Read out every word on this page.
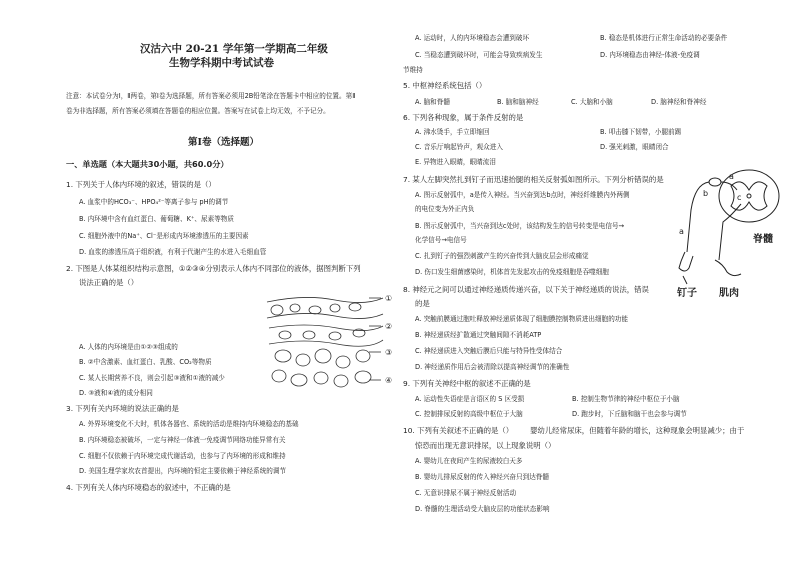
汉沽六中 20-21 学年第一学期高二年级
生物学科期中考试试卷
注意：本试卷分为Ⅰ，Ⅱ两卷，第Ⅰ卷为选择题，所有答案必须用2B铅笔涂在答题卡中相应的位置。第Ⅱ
卷为非选择题，所有答案必须填在答题卷的相应位置。答案写在试卷上均无效，不予记分。
第Ⅰ卷（选择题）
一、单选题（本大题共30小题，共60.0分）
1. 下列关于人体内环境的叙述，错误的是（）
A. 血浆中的HCO₃⁻、HPO₄²⁻等离子参与 pH的调节
B. 内环境中含有血红蛋白、葡萄糖、K⁺、尿素等物质
C. 细胞外液中的Na⁺、Cl⁻是形成内环境渗透压的主要因素
D. 血浆的渗透压高于组织液，有利于代谢产生的水进入毛细血管
2. 下图是人体某组织结构示意图，①②③④分别表示人体内不同部位的液体，据图判断下列
说法正确的是（）
①
②
③
④
A. 人体的内环境是由①②③组成的
B. ②中含激素、血红蛋白、乳酸、CO₂等物质
C. 某人长期营养不良，则会引起③液和①液的减少
D. ③液和④液的成分相同
3. 下列有关内环境的说法正确的是
A. 外界环境变化不大时，机体各器官、系统的活动是维持内环境稳态的基础
B. 内环境稳态被破坏，一定与神经一体液一免疫调节网络功能异常有关
C. 细胞不仅依赖于内环境完成代谢活动，也参与了内环境的形成和维持
D. 美国生理学家坎农首提出，内环境的恒定主要依赖于神经系统的调节
4. 下列有关人体内环境稳态的叙述中，不正确的是
A. 运动时，人的内环境稳态会遭到破坏	B. 稳态是机体进行正常生命活动的必要条件
C. 当稳态遭到破坏时，可能会导致疾病发生	D. 内环境稳态由神经-体液-免疫调
节维持
5. 中枢神经系统包括（）
A. 脑和脊髓	B. 脑和脑神经	C. 大脑和小脑	D. 脑神经和脊神经
6. 下列各种现象，属于条件反射的是
A. 沸水烫手，手立即缩回	B. 叩击膝下韧带，小腿前踢
C. 音乐厅响起铃声，观众进入	D. 强光刺激，眼睛闭合
E. 异物进入眼睛，眼睛流泪
7. 某人左脚突然扎到钉子而迅速抬腿的相关反射弧如图所示。下列分析错误的是
A. 图示反射弧中，a是传入神经。当兴奋到达b点时，神经纤维膜内外两侧
的电位变为外正内负
B. 图示反射弧中，当兴奋到达c处时，该结构发生的信号转变是电信号→
化学信号→电信号
C. 扎到钉子的强烈刺激产生的兴奋传到大脑皮层会形成痛觉
D. 伤口发生细菌感染时，机体首先发起攻击的免疫细胞是吞噬细胞
b
a
c
a
脊髓
钉子 肌肉
8. 神经元之间可以通过神经递质传递兴奋，以下关于神经递质的说法，错误
的是
A. 突触前膜通过胞吐释放神经递质体现了细胞膜控制物质进出细胞的功能
B. 神经递质经扩散通过突触间隙不消耗ATP
C. 神经递质进入突触后膜后只能与特异性受体结合
D. 神经递质作用后会被清除以提高神经调节的准确性
9. 下列有关神经中枢的叙述不正确的是
A. 运动性失语症是言语区的 S 区受损	B. 控制生物节律的神经中枢位于小脑
C. 控制排尿反射的高级中枢位于大脑	D. 跑步时，下丘脑和脑干也会参与调节
10. 下列有关叙述不正确的是（） 婴幼儿经常尿床，但随着年龄的增长，这种现象会明显减少；由于
惊恐而出现无意识排尿，以上现象说明（）
A. 婴幼儿在夜间产生的尿液较白天多
B. 婴幼儿排尿反射的传入神经兴奋只到达脊髓
C. 无意识排尿不属于神经反射活动
D. 脊髓的生理活动受大脑皮层的功能状态影响
